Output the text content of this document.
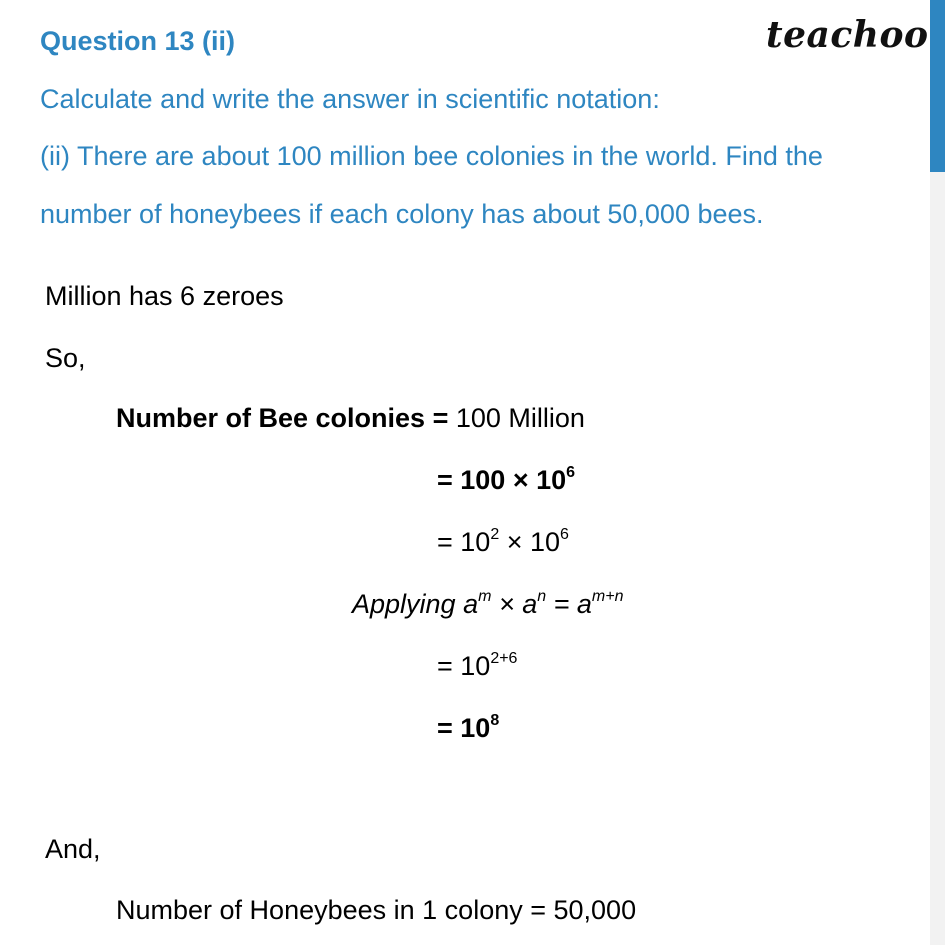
teachoo
Question 13 (ii)
Calculate and write the answer in scientific notation:
(ii) There are about 100 million bee colonies in the world. Find the
number of honeybees if each colony has about 50,000 bees.
Million has 6 zeroes
So,
Number of Bee colonies = 100 Million
= $100 \times 10^6$
= $10^2 \times 10^6$
Applying $a^m \times a^n = a^{m+n}$
= $10^{2+6}$
= $10^8$
And,
Number of Honeybees in 1 colony = 50,000
